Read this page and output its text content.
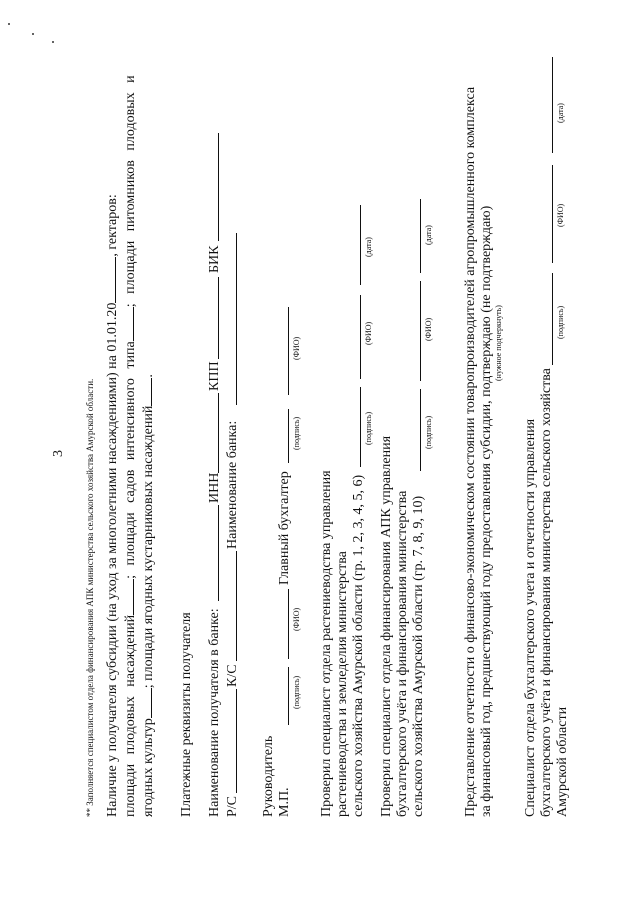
3 ** Заполняется специалистом отдела финансирования АПК министерства сельского хозяйства Амурской области. Наличие у получателя субсидии (на уход за многолетними насаждениями) на 01.01.20, гектаров:
площади плодовых насаждений; площади садов интенсивного типа; площади питомников плодовых и
ягодных культур; площади ягодных кустарниковых насаждений.
Платежные реквизиты получателя Наименование получателя в банке:
ИНН
КПП
БИК
Р/С
К/С
Наименование банка:
Руководитель М.П.
(подпись)
(ФИО)
Главный бухгалтер
(подпись)
(ФИО)
Проверил специалист отдела растениеводства управления растениеводства и земледелия министерства сельского хозяйства Амурской области (гр. 1, 2, 3, 4, 5, 6)
(подпись)
(ФИО)
(дата)
Проверил специалист отдела финансирования АПК управления бухгалтерского учёта и финансирования министерства сельского хозяйства Амурской области (гр. 7, 8, 9, 10)
(подпись)
(ФИО)
(дата) Представление отчетности о финансово-экономическом состоянии товаропроизводителей агропромышленного комплекса за финансовый год, предшествующий году предоставления субсидии, подтверждаю (не подтверждаю) (нужное подчеркнуть)
Специалист отдела бухгалтерского учета и отчетности управления бухгалтерского учёта и финансирования министерства сельского хозяйства Амурской области
(подпись)
(ФИО)
(дата)
